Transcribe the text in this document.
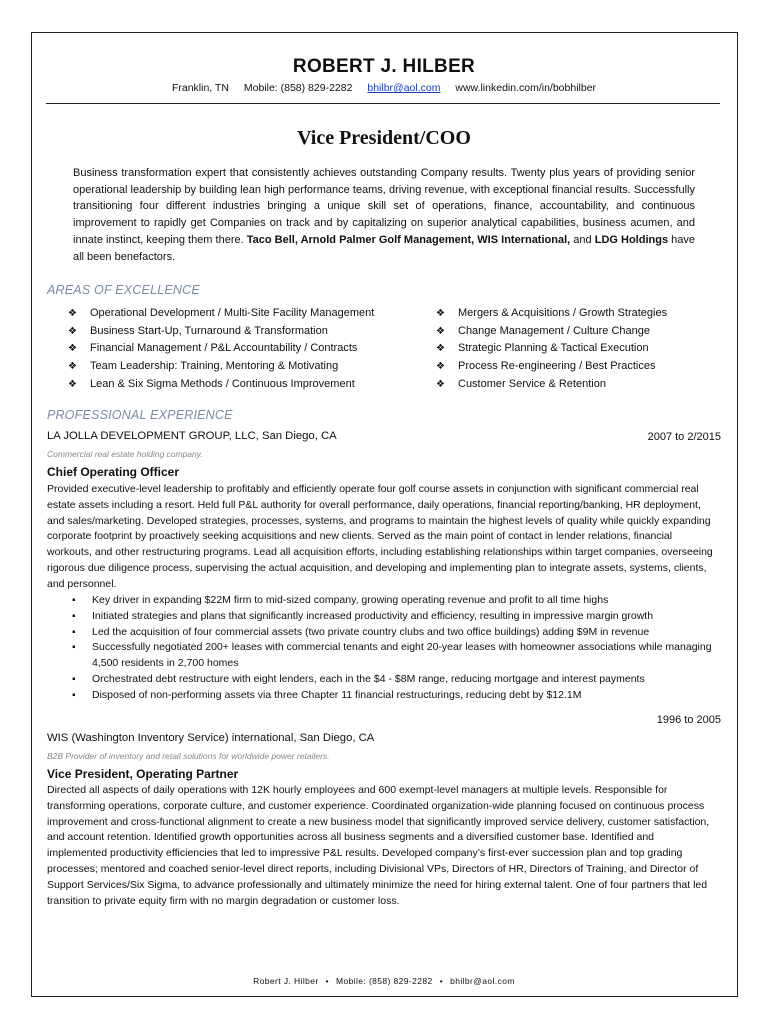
ROBERT J. HILBER
Franklin, TN Mobile: (858) 829-2282 bhilbr@aol.com www.linkedin.com/in/bobhilber
Vice President/COO
Business transformation expert that consistently achieves outstanding Company results. Twenty plus years of providing senior operational leadership by building lean high performance teams, driving revenue, with exceptional financial results. Successfully transitioning four different industries bringing a unique skill set of operations, finance, accountability, and continuous improvement to rapidly get Companies on track and by capitalizing on superior analytical capabilities, business acumen, and innate instinct, keeping them there. Taco Bell, Arnold Palmer Golf Management, WIS International, and LDG Holdings have all been benefactors.
AREAS OF EXCELLENCE
❖ Operational Development / Multi-Site Facility Management
❖ Business Start-Up, Turnaround & Transformation
❖ Financial Management / P&L Accountability / Contracts
❖ Team Leadership: Training, Mentoring & Motivating
❖ Lean & Six Sigma Methods / Continuous Improvement
❖ Mergers & Acquisitions / Growth Strategies
❖ Change Management / Culture Change
❖ Strategic Planning & Tactical Execution
❖ Process Re-engineering / Best Practices
❖ Customer Service & Retention
PROFESSIONAL EXPERIENCE
LA JOLLA DEVELOPMENT GROUP, LLC, San Diego, CA	2007 to 2/2015
Commercial real estate holding company.
Chief Operating Officer
Provided executive-level leadership to profitably and efficiently operate four golf course assets in conjunction with significant commercial real estate assets including a resort. Held full P&L authority for overall performance, daily operations, financial reporting/banking, HR deployment, and sales/marketing. Developed strategies, processes, systems, and programs to maintain the highest levels of quality while quickly expanding corporate footprint by proactively seeking acquisitions and new clients. Served as the main point of contact in lender relations, financial workouts, and other restructuring programs. Lead all acquisition efforts, including establishing relationships within target companies, overseeing rigorous due diligence process, supervising the actual acquisition, and developing and implementing plan to integrate assets, systems, clients, and personnel.
▪ Key driver in expanding $22M firm to mid-sized company, growing operating revenue and profit to all time highs
▪ Initiated strategies and plans that significantly increased productivity and efficiency, resulting in impressive margin growth
▪ Led the acquisition of four commercial assets (two private country clubs and two office buildings) adding $9M in revenue
▪ Successfully negotiated 200+ leases with commercial tenants and eight 20-year leases with homeowner associations while managing 4,500 residents in 2,700 homes
▪ Orchestrated debt restructure with eight lenders, each in the $4 - $8M range, reducing mortgage and interest payments
▪ Disposed of non-performing assets via three Chapter 11 financial restructurings, reducing debt by $12.1M
1996 to 2005
WIS (Washington Inventory Service) international, San Diego, CA
B2B Provider of inventory and retail solutions for worldwide power retailers.
Vice President, Operating Partner
Directed all aspects of daily operations with 12K hourly employees and 600 exempt-level managers at multiple levels. Responsible for transforming operations, corporate culture, and customer experience. Coordinated organization-wide planning focused on continuous process improvement and cross-functional alignment to create a new business model that significantly improved service delivery, customer satisfaction, and account retention. Identified growth opportunities across all business segments and a diversified customer base. Identified and implemented productivity efficiencies that led to impressive P&L results. Developed company’s first-ever succession plan and top grading processes; mentored and coached senior-level direct reports, including Divisional VPs, Directors of HR, Directors of Training, and Director of Support Services/Six Sigma, to advance professionally and ultimately minimize the need for hiring external talent. One of four partners that led transition to private equity firm with no margin degradation or customer loss.
Robert J. Hilber • Mobile: (858) 829-2282 • bhilbr@aol.com
